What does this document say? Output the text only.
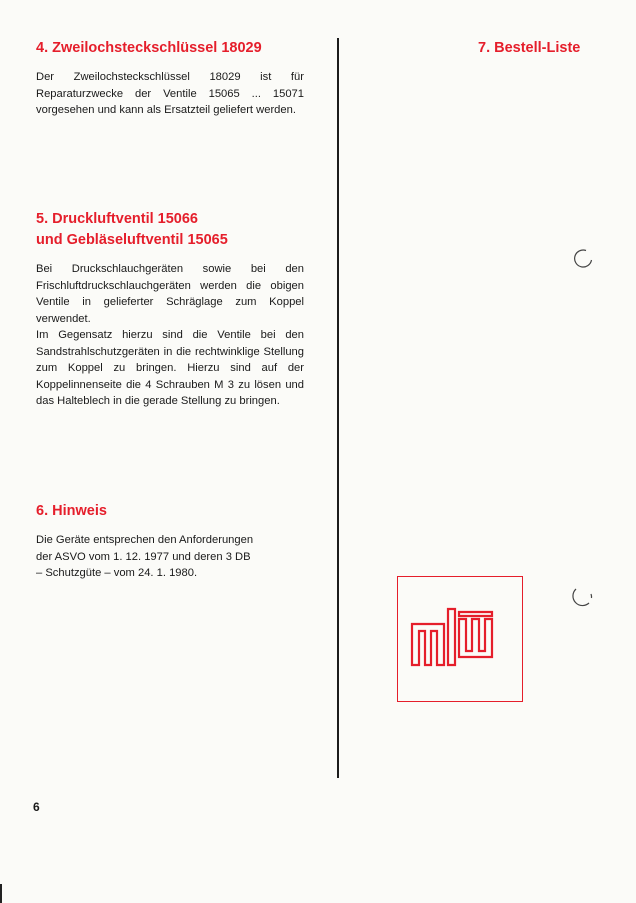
4. Zweilochsteckschlüssel 18029

Der Zweilochsteckschlüssel 18029 ist für Reparaturzwecke der Ventile 15065 ... 15071 vorgesehen und kann als Ersatzteil geliefert werden.

5. Druckluftventil 15066
und Gebläseluftventil 15065

Bei Druckschlauchgeräten sowie bei den Frischluftdruckschlauchgeräten werden die obigen Ventile in gelieferter Schräglage zum Koppel verwendet.

Im Gegensatz hierzu sind die Ventile bei den Sandstrahlschutzgeräten in die rechtwinklige Stellung zum Koppel zu bringen. Hierzu sind auf der Koppelinnenseite die 4 Schrauben M 3 zu lösen und das Halteblech in die gerade Stellung zu bringen.

6. Hinweis
Die Geräte entsprechen den Anforderungen
der ASVO vom 1. 12. 1977 und deren 3 DB
– Schutzgüte – vom 24. 1. 1980.
7. Bestell-Liste
6
